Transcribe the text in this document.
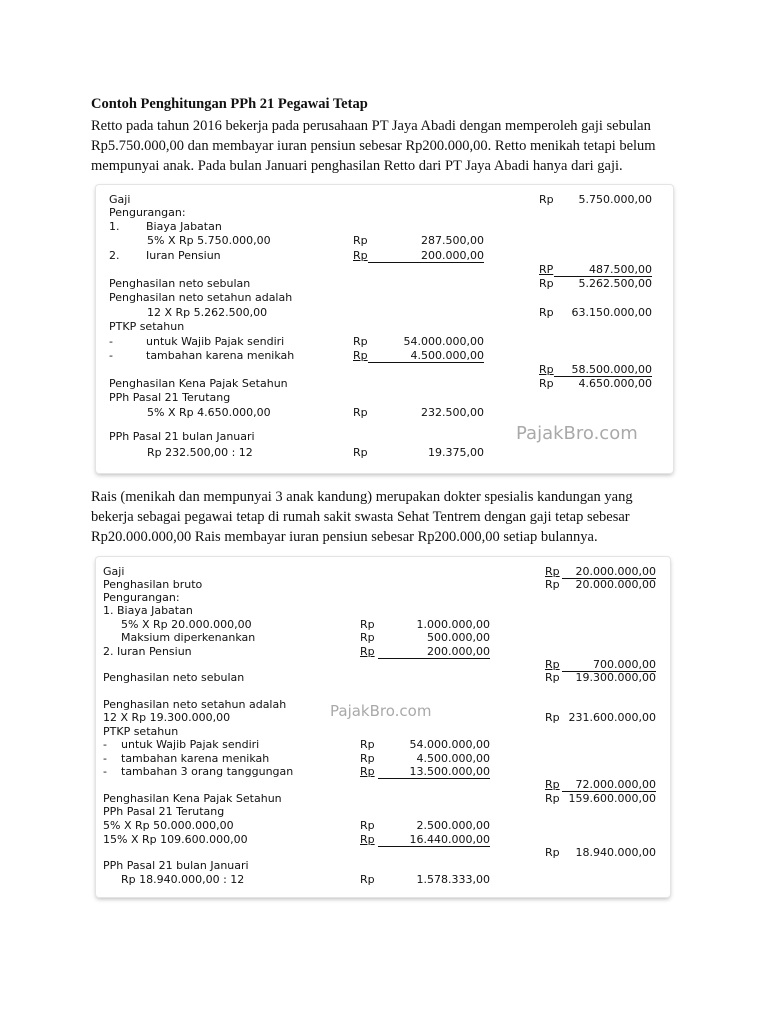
Contoh Penghitungan PPh 21 Pegawai Tetap
Retto pada tahun 2016 bekerja pada perusahaan PT Jaya Abadi dengan memperoleh gaji sebulan
Rp5.750.000,00 dan membayar iuran pensiun sebesar Rp200.000,00. Retto menikah tetapi belum
mempunyai anak. Pada bulan Januari penghasilan Retto dari PT Jaya Abadi hanya dari gaji.
PajakBro.com
Gaji	Rp	5.750.000,00
Pengurangan:
1. Biaya Jabatan
5% X Rp 5.750.000,00	Rp	287.500,00
2. Iuran Pensiun	Rp	200.000,00
RP	487.500,00
Penghasilan neto sebulan	Rp	5.262.500,00
Penghasilan neto setahun adalah
12 X Rp 5.262.500,00	Rp	63.150.000,00
PTKP setahun
-	untuk Wajib Pajak sendiri	Rp	54.000.000,00
-	tambahan karena menikah	Rp	4.500.000,00
Rp	58.500.000,00
Penghasilan Kena Pajak Setahun	Rp	4.650.000,00
PPh Pasal 21 Terutang
5% X Rp 4.650.000,00	Rp	232.500,00
PPh Pasal 21 bulan Januari
Rp 232.500,00 : 12	Rp	19.375,00
Rais (menikah dan mempunyai 3 anak kandung) merupakan dokter spesialis kandungan yang
bekerja sebagai pegawai tetap di rumah sakit swasta Sehat Tentrem dengan gaji tetap sebesar
Rp20.000.000,00 Rais membayar iuran pensiun sebesar Rp200.000,00 setiap bulannya.
PajakBro.com
Gaji	Rp	20.000.000,00
Penghasilan bruto	Rp	20.000.000,00
Pengurangan:
1. Biaya Jabatan
5% X Rp 20.000.000,00	Rp	1.000.000,00
Maksium diperkenankan	Rp	500.000,00
2. Iuran Pensiun	Rp	200.000,00
Rp	700.000,00
Penghasilan neto sebulan	Rp	19.300.000,00
Penghasilan neto setahun adalah
12 X Rp 19.300.000,00	Rp 231.600.000,00
PTKP setahun
- untuk Wajib Pajak sendiri	Rp	54.000.000,00
- tambahan karena menikah	Rp	4.500.000,00
- tambahan 3 orang tanggungan	Rp	13.500.000,00
Rp	72.000.000,00
Penghasilan Kena Pajak Setahun	Rp 159.600.000,00
PPh Pasal 21 Terutang
5% X Rp 50.000.000,00	Rp	2.500.000,00
15% X Rp 109.600.000,00	Rp	16.440.000,00
Rp	18.940.000,00
PPh Pasal 21 bulan Januari
Rp 18.940.000,00 : 12	Rp	1.578.333,00
